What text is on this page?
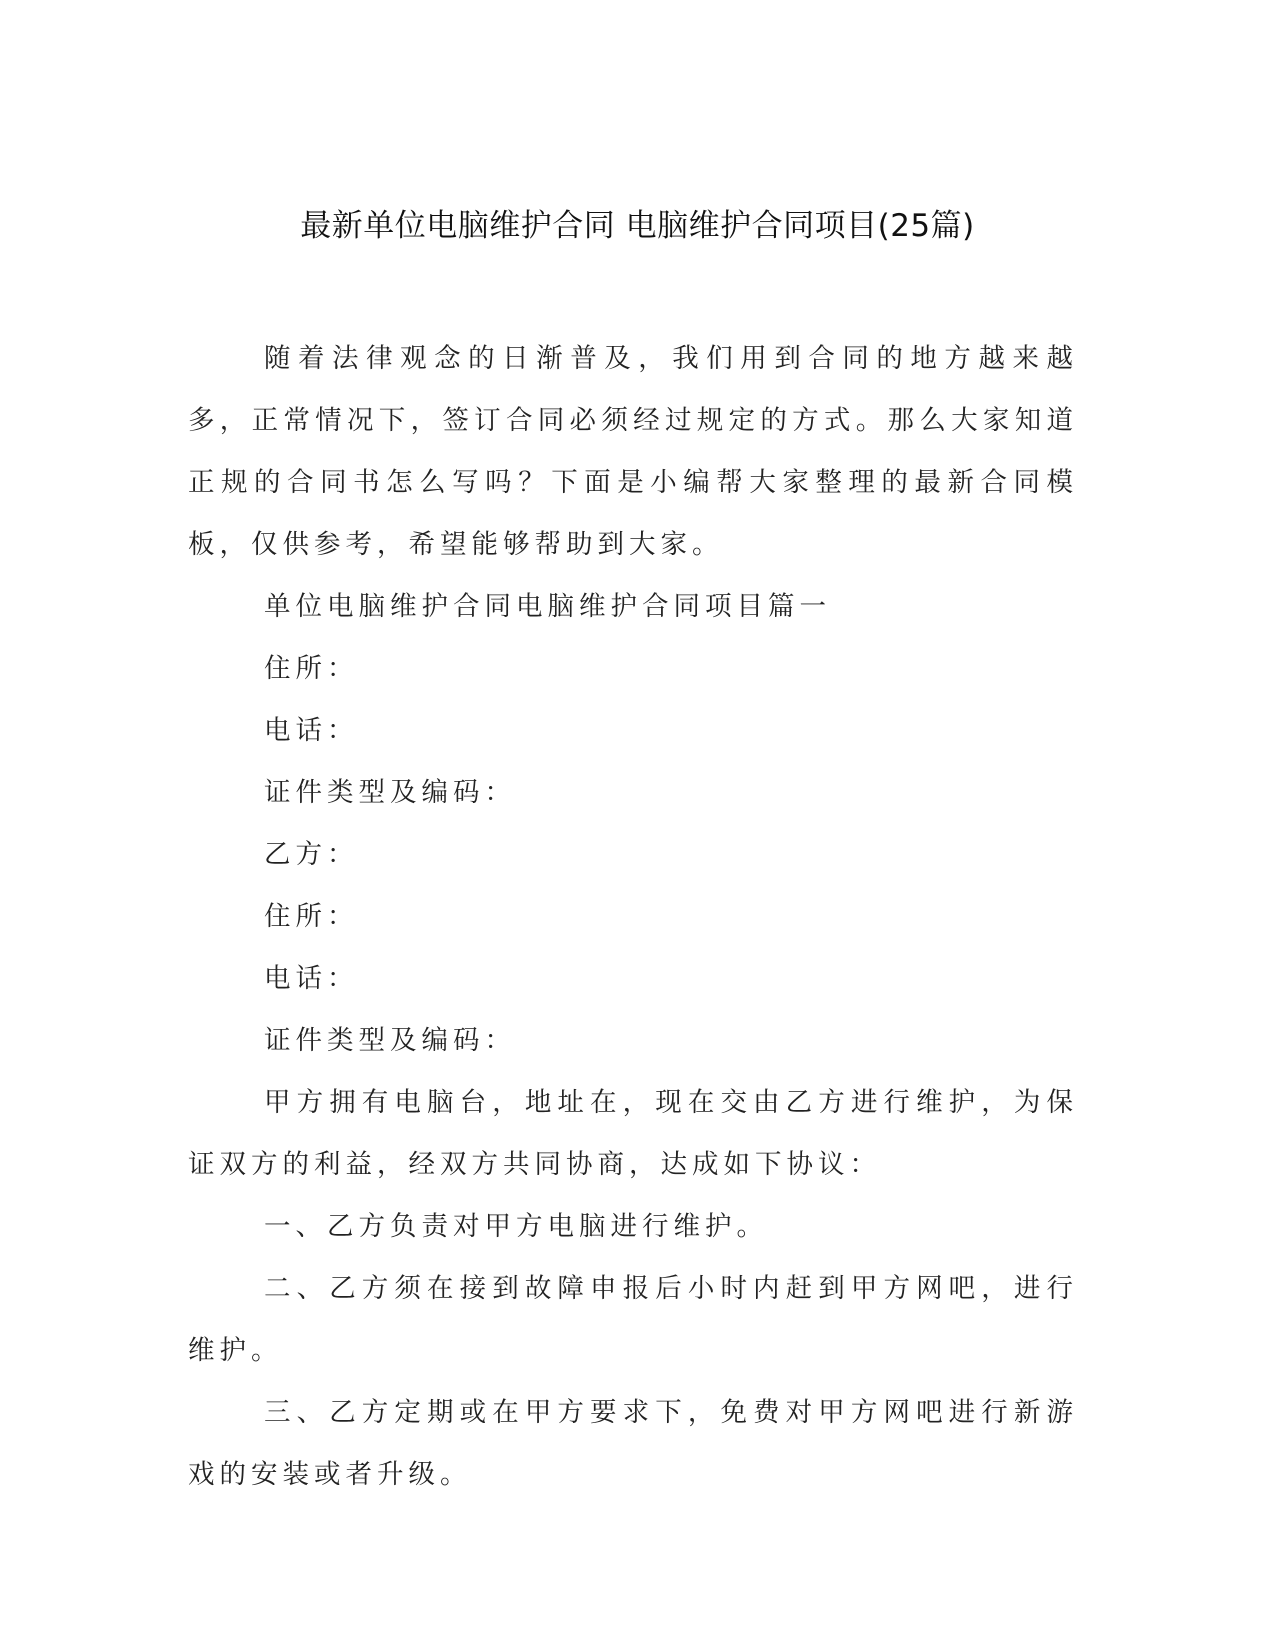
最新单位电脑维护合同 电脑维护合同项目(25篇)

随着法律观念的日渐普及，我们用到合同的地方越来越多，正常情况下，签订合同必须经过规定的方式。那么大家知道正规的合同书怎么写吗？下面是小编帮大家整理的最新合同模板，仅供参考，希望能够帮助到大家。

单位电脑维护合同电脑维护合同项目篇一

住所：

电话：

证件类型及编码：

乙方：

住所：

电话：

证件类型及编码：

甲方拥有电脑台，地址在，现在交由乙方进行维护，为保证双方的利益，经双方共同协商，达成如下协议：

一、乙方负责对甲方电脑进行维护。

二、乙方须在接到故障申报后小时内赶到甲方网吧，进行维护。

三、乙方定期或在甲方要求下，免费对甲方网吧进行新游戏的安装或者升级。
